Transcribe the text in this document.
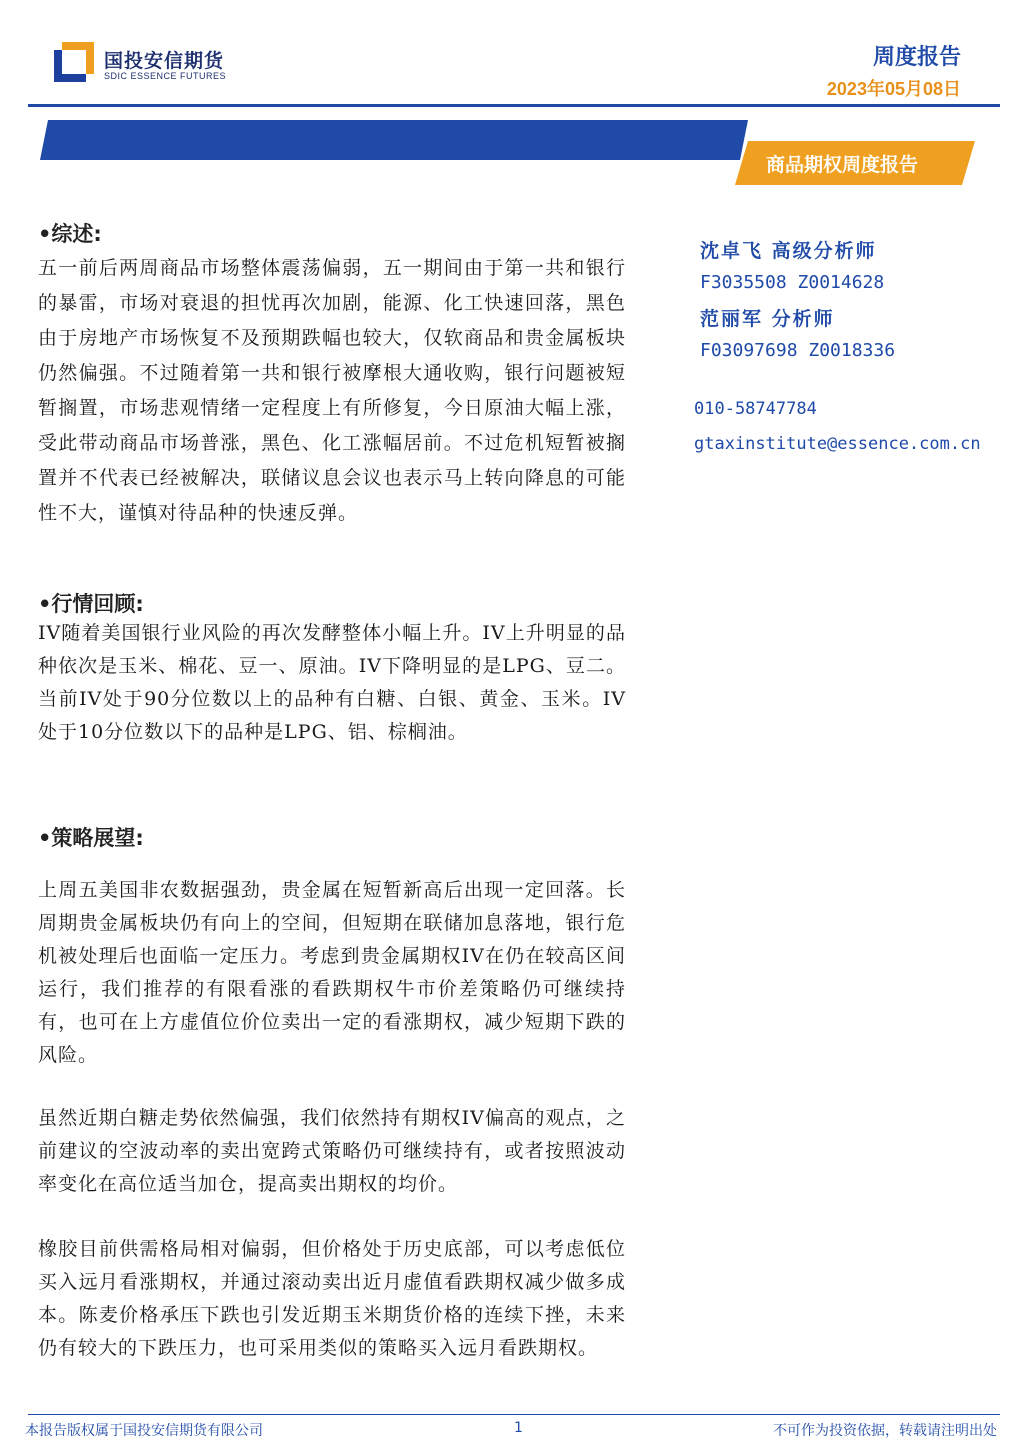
国投安信期货
SDIC ESSENCE FUTURES
周度报告
2023年05月08日
商品期权周度报告
•综述:

五一前后两周商品市场整体震荡偏弱，五一期间由于第一共和银行的暴雷，市场对衰退的担忧再次加剧，能源、化工快速回落，黑色由于房地产市场恢复不及预期跌幅也较大，仅软商品和贵金属板块仍然偏强。不过随着第一共和银行被摩根大通收购，银行问题被短暂搁置，市场悲观情绪一定程度上有所修复，今日原油大幅上涨，受此带动商品市场普涨，黑色、化工涨幅居前。不过危机短暂被搁置并不代表已经被解决，联储议息会议也表示马上转向降息的可能性不大，谨慎对待品种的快速反弹。

•行情回顾:

IV随着美国银行业风险的再次发酵整体小幅上升。IV上升明显的品种依次是玉米、棉花、豆一、原油。IV下降明显的是LPG、豆二。当前IV处于90分位数以上的品种有白糖、白银、黄金、玉米。IV处于10分位数以下的品种是LPG、铝、棕榈油。

•策略展望:

上周五美国非农数据强劲，贵金属在短暂新高后出现一定回落。长周期贵金属板块仍有向上的空间，但短期在联储加息落地，银行危机被处理后也面临一定压力。考虑到贵金属期权IV在仍在较高区间运行，我们推荐的有限看涨的看跌期权牛市价差策略仍可继续持有，也可在上方虚值位价位卖出一定的看涨期权，减少短期下跌的风险。

虽然近期白糖走势依然偏强，我们依然持有期权IV偏高的观点，之前建议的空波动率的卖出宽跨式策略仍可继续持有，或者按照波动率变化在高位适当加仓，提高卖出期权的均价。

橡胶目前供需格局相对偏弱，但价格处于历史底部，可以考虑低位买入远月看涨期权，并通过滚动卖出近月虚值看跌期权减少做多成本。陈麦价格承压下跌也引发近期玉米期货价格的连续下挫，未来仍有较大的下跌压力，也可采用类似的策略买入远月看跌期权。

沈卓飞 高级分析师
F3035508 Z0014628
范丽军 分析师
F03097698 Z0018336
010-58747784
gtaxinstitute@essence.com.cn
本报告版权属于国投安信期货有限公司	1	不可作为投资依据，转载请注明出处
